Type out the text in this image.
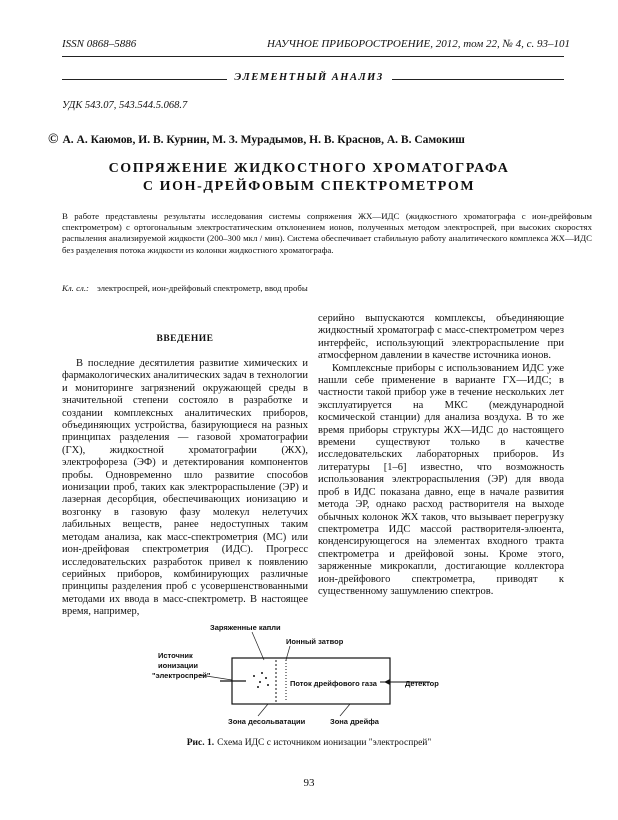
ISSN 0868–5886	НАУЧНОЕ ПРИБОРОСТРОЕНИЕ, 2012, том 22, № 4, c. 93–101
ЭЛЕМЕНТНЫЙ АНАЛИЗ
УДК 543.07, 543.544.5.068.7
© А. А. Каюмов, И. В. Курнин, М. З. Мурадымов, Н. В. Краснов, А. В. Самокиш
СОПРЯЖЕНИЕ ЖИДКОСТНОГО ХРОМАТОГРАФА
С ИОН-ДРЕЙФОВЫМ СПЕКТРОМЕТРОМ
В работе представлены результаты исследования системы сопряжения ЖХ—ИДС (жидкостного хроматографа с ион-дрейфовым спектрометром) с ортогональным электростатическим отклонением ионов, полученных методом электроспрей, при высоких скоростях распыления анализируемой жидкости (200–300 мкл / мин). Система обеспечивает стабильную работу аналитического комплекса ЖХ—ИДС без разделения потока жидкости из колонки жидкостного хроматографа.
Кл. сл.: электроспрей, ион-дрейфовый спектрометр, ввод пробы
ВВЕДЕНИЕ

В последние десятилетия развитие химических и фармакологических аналитических задач в технологии и мониторинге загрязнений окружающей среды в значительной степени состояло в разработке и создании комплексных аналитических приборов, объединяющих устройства, базирующиеся на разных принципах разделения — газовой хроматографии (ГХ), жидкостной хроматографии (ЖХ), электрофореза (ЭФ) и детектирования компонентов пробы. Одновременно шло развитие способов ионизации проб, таких как электрораспыление (ЭР) и лазерная десорбция, обеспечивающих ионизацию и возгонку в газовую фазу молекул нелетучих лабильных веществ, ранее недоступных таким методам анализа, как масс-спектрометрия (МС) или ион-дрейфовая спектрометрия (ИДС). Прогресс исследовательских разработок привел к появлению серийных приборов, комбинирующих различные принципы разделения проб с усовершенствованными методами их ввода в масс-спектрометр. В настоящее время, например,

серийно выпускаются комплексы, объединяющие жидкостный хроматограф с масс-спектрометром через интерфейс, использующий электрораспыление при атмосферном давлении в качестве источника ионов.

Комплексные приборы с использованием ИДС уже нашли себе применение в варианте ГХ—ИДС; в частности такой прибор уже в течение нескольких лет эксплуатируется на МКС (международной космической станции) для анализа воздуха. В то же время приборы структуры ЖХ—ИДС до настоящего времени существуют только в качестве исследовательских лабораторных приборов. Из литературы [1–6] известно, что возможность использования электрораспыления (ЭР) для ввода проб в ИДС показана давно, еще в начале развития метода ЭР, однако расход растворителя на выходе обычных колонок ЖХ таков, что вызывает перегрузку спектрометра ИДС массой растворителя-элюента, конденсирующегося на элементах входного тракта спектрометра и дрейфовой зоны. Кроме этого, заряженные микрокапли, достигающие коллектора ион-дрейфового спектрометра, приводят к существенному зашумлению спектров.

Заряженные капли
Ионный затвор
Источник
ионизации
"электроспрей"
Поток дрейфового газа	Детектор
Зона десольватации	Зона дрейфа
Рис. 1. Схема ИДС с источником ионизации "электроспрей"
93
